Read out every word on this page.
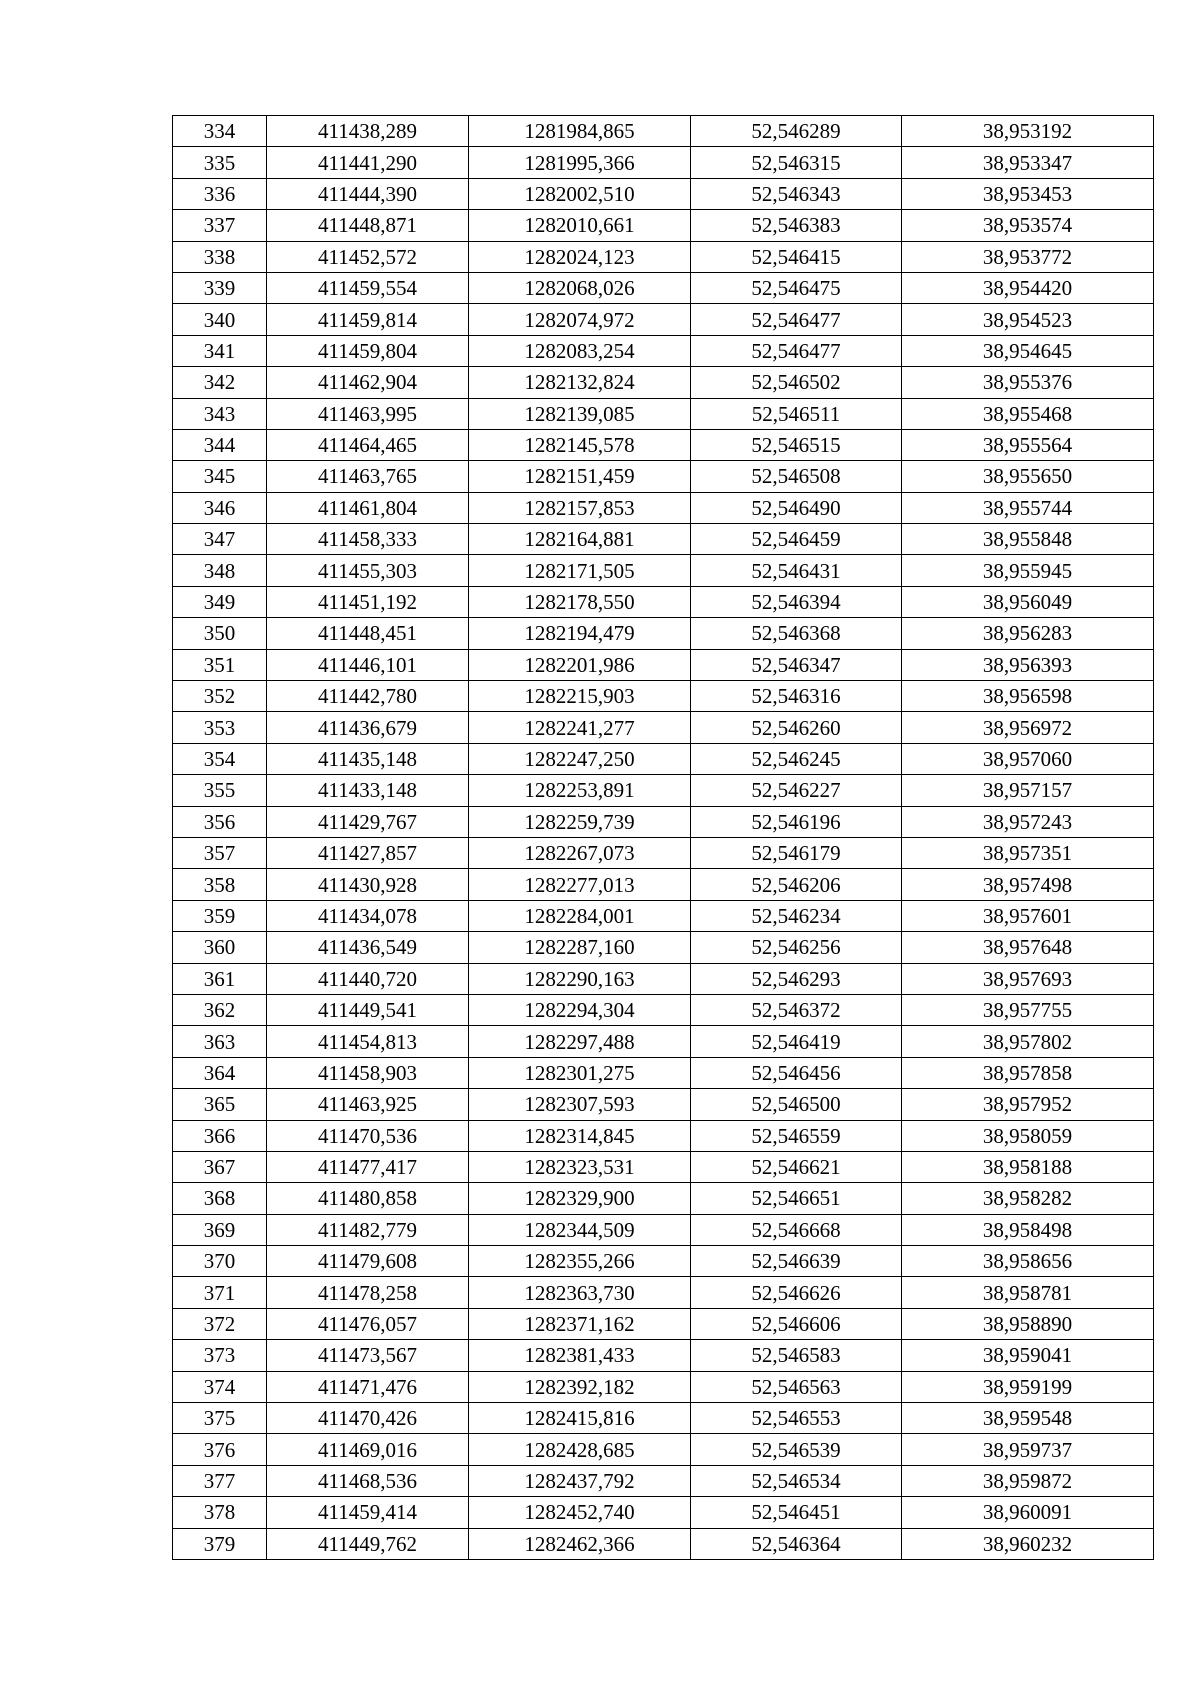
334	411438,289	1281984,865	52,546289	38,953192
335	411441,290	1281995,366	52,546315	38,953347
336	411444,390	1282002,510	52,546343	38,953453
337	411448,871	1282010,661	52,546383	38,953574
338	411452,572	1282024,123	52,546415	38,953772
339	411459,554	1282068,026	52,546475	38,954420
340	411459,814	1282074,972	52,546477	38,954523
341	411459,804	1282083,254	52,546477	38,954645
342	411462,904	1282132,824	52,546502	38,955376
343	411463,995	1282139,085	52,546511	38,955468
344	411464,465	1282145,578	52,546515	38,955564
345	411463,765	1282151,459	52,546508	38,955650
346	411461,804	1282157,853	52,546490	38,955744
347	411458,333	1282164,881	52,546459	38,955848
348	411455,303	1282171,505	52,546431	38,955945
349	411451,192	1282178,550	52,546394	38,956049
350	411448,451	1282194,479	52,546368	38,956283
351	411446,101	1282201,986	52,546347	38,956393
352	411442,780	1282215,903	52,546316	38,956598
353	411436,679	1282241,277	52,546260	38,956972
354	411435,148	1282247,250	52,546245	38,957060
355	411433,148	1282253,891	52,546227	38,957157
356	411429,767	1282259,739	52,546196	38,957243
357	411427,857	1282267,073	52,546179	38,957351
358	411430,928	1282277,013	52,546206	38,957498
359	411434,078	1282284,001	52,546234	38,957601
360	411436,549	1282287,160	52,546256	38,957648
361	411440,720	1282290,163	52,546293	38,957693
362	411449,541	1282294,304	52,546372	38,957755
363	411454,813	1282297,488	52,546419	38,957802
364	411458,903	1282301,275	52,546456	38,957858
365	411463,925	1282307,593	52,546500	38,957952
366	411470,536	1282314,845	52,546559	38,958059
367	411477,417	1282323,531	52,546621	38,958188
368	411480,858	1282329,900	52,546651	38,958282
369	411482,779	1282344,509	52,546668	38,958498
370	411479,608	1282355,266	52,546639	38,958656
371	411478,258	1282363,730	52,546626	38,958781
372	411476,057	1282371,162	52,546606	38,958890
373	411473,567	1282381,433	52,546583	38,959041
374	411471,476	1282392,182	52,546563	38,959199
375	411470,426	1282415,816	52,546553	38,959548
376	411469,016	1282428,685	52,546539	38,959737
377	411468,536	1282437,792	52,546534	38,959872
378	411459,414	1282452,740	52,546451	38,960091
379	411449,762	1282462,366	52,546364	38,960232
